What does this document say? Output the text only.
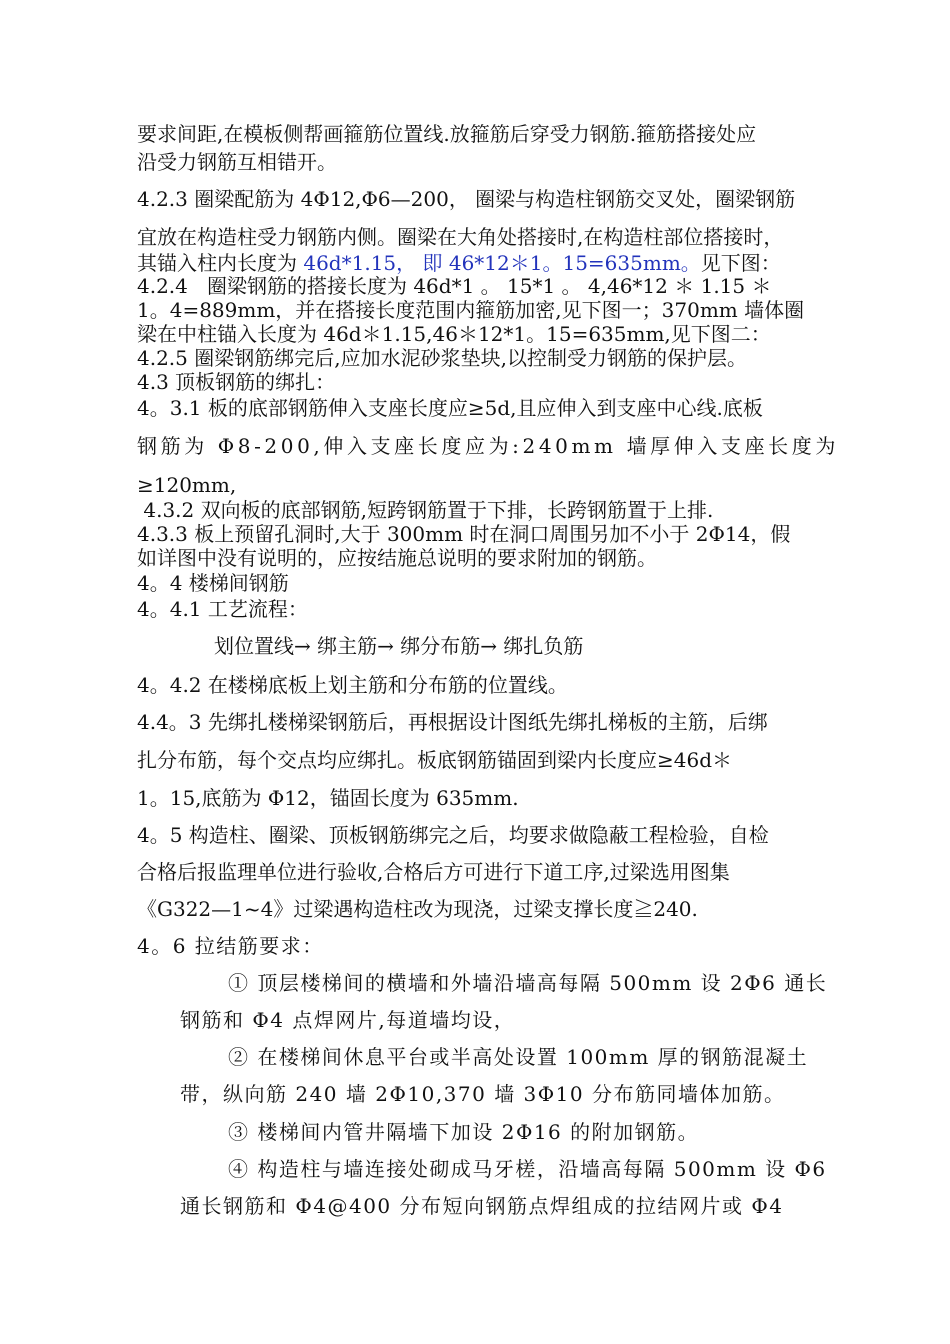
要求间距,在模板侧帮画箍筋位置线.放箍筋后穿受力钢筋.箍筋搭接处应
沿受力钢筋互相错开。
4.2.3 圈梁配筋为 4Φ12,Φ6—200， 圈梁与构造柱钢筋交叉处，圈梁钢筋
宜放在构造柱受力钢筋内侧。圈梁在大角处搭接时,在构造柱部位搭接时，
其锚入柱内长度为 46d*1.15， 即 46*12＊1。15=635mm。见下图：
4.2.4   圈梁钢筋的搭接长度为 46d*1 。 15*1 。 4,46*12 ＊ 1.15 ＊
1。4=889mm，并在搭接长度范围内箍筋加密,见下图一；370mm 墙体圈
梁在中柱锚入长度为 46d＊1.15,46＊12*1。15=635mm,见下图二：
4.2.5 圈梁钢筋绑完后,应加水泥砂浆垫块,以控制受力钢筋的保护层。
4.3 顶板钢筋的绑扎：
4。3.1 板的底部钢筋伸入支座长度应≥5d,且应伸入到支座中心线.底板
钢筋为 Φ8-200,伸入支座长度应为:240mm 墙厚伸入支座长度为
≥120mm,
4.3.2 双向板的底部钢筋,短跨钢筋置于下排，长跨钢筋置于上排.
4.3.3 板上预留孔洞时,大于 300mm 时在洞口周围另加不小于 2Φ14，假
如详图中没有说明的，应按结施总说明的要求附加的钢筋。
4。4 楼梯间钢筋
4。4.1 工艺流程：
划位置线→ 绑主筋→ 绑分布筋→ 绑扎负筋
4。4.2 在楼梯底板上划主筋和分布筋的位置线。
4.4。3 先绑扎楼梯梁钢筋后，再根据设计图纸先绑扎梯板的主筋，后绑
扎分布筋，每个交点均应绑扎。板底钢筋锚固到梁内长度应≥46d＊
1。15,底筋为 Φ12，锚固长度为 635mm.
4。5 构造柱、圈梁、顶板钢筋绑完之后，均要求做隐蔽工程检验，自检
合格后报监理单位进行验收,合格后方可进行下道工序,过梁选用图集
《G322—1~4》过梁遇构造柱改为现浇，过梁支撑长度≧240.
4。6 拉结筋要求：
① 顶层楼梯间的横墙和外墙沿墙高每隔 500mm 设 2Φ6 通长
钢筋和 Φ4 点焊网片,每道墙均设，
② 在楼梯间休息平台或半高处设置 100mm 厚的钢筋混凝土
带，纵向筋 240 墙 2Φ10,370 墙 3Φ10 分布筋同墙体加筋。
③ 楼梯间内管井隔墙下加设 2Φ16 的附加钢筋。
④ 构造柱与墙连接处砌成马牙槎，沿墙高每隔 500mm 设 Φ6
通长钢筋和 Φ4@400 分布短向钢筋点焊组成的拉结网片或 Φ4
